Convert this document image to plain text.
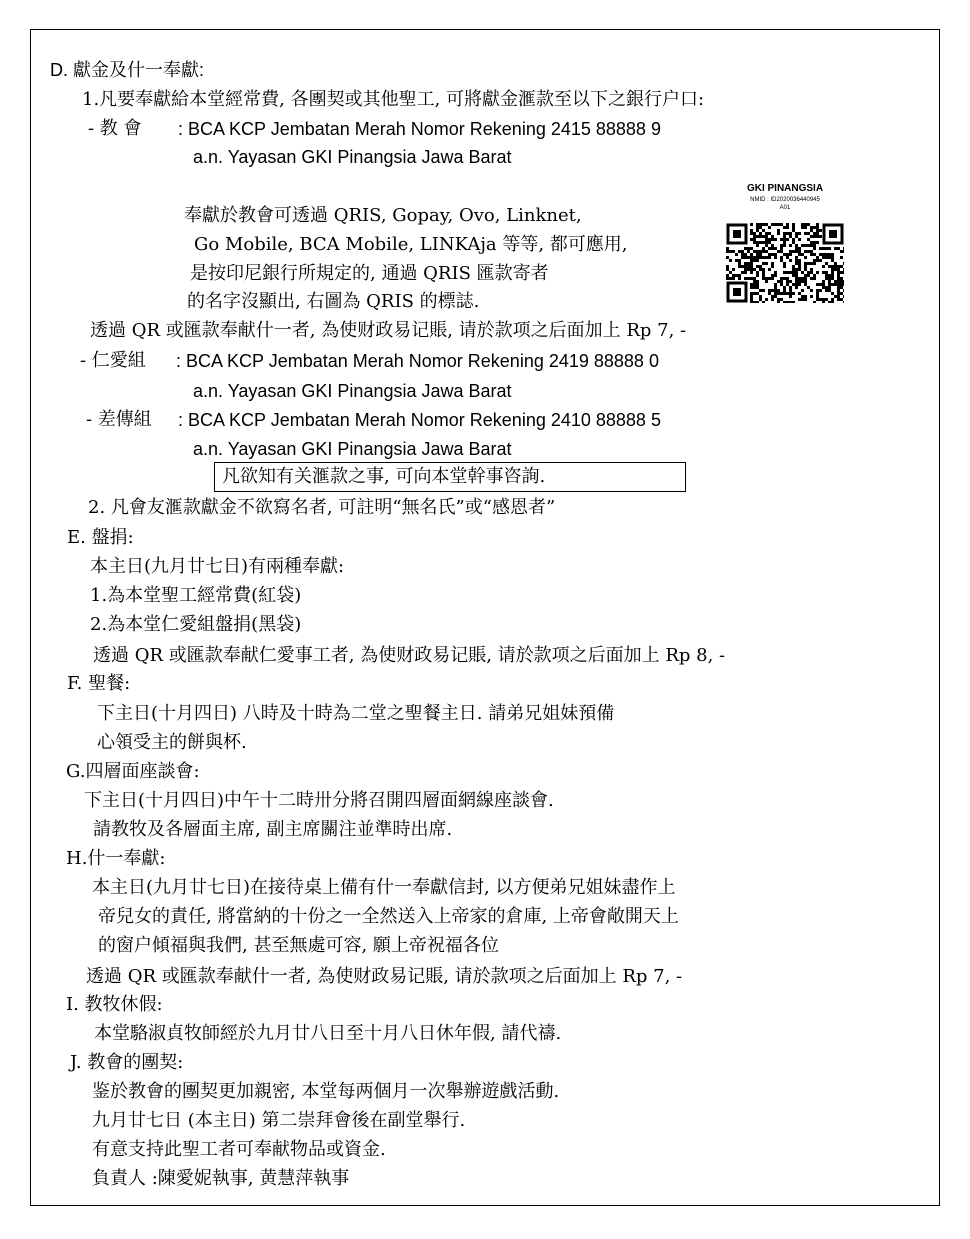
D. 獻金及什一奉獻:
1.凡要奉獻給本堂經常費, 各團契或其他聖工, 可將獻金滙款至以下之銀行户口:
- 教 會 : BCA KCP Jembatan Merah Nomor Rekening 2415 88888 9
a.n. Yayasan GKI Pinangsia Jawa Barat
奉獻於教會可透過 QRIS, Gopay, Ovo, Linknet,
Go Mobile, BCA Mobile, LINKAja 等等, 都可應用,
是按印尼銀行所規定的, 通過 QRIS 匯款寄者
的名字沒顯出, 右圖為 QRIS 的標誌.
GKI PINANGSIA
NMID : ID2020036440945
A01
透過 QR 或匯款奉献什一者, 為使财政易记賬, 请於款项之后面加上 Rp 7, -
- 仁愛組 : BCA KCP Jembatan Merah Nomor Rekening 2419 88888 0
a.n. Yayasan GKI Pinangsia Jawa Barat
- 差傳組 : BCA KCP Jembatan Merah Nomor Rekening 2410 88888 5
a.n. Yayasan GKI Pinangsia Jawa Barat
凡欲知有关滙款之事, 可向本堂幹事咨詢.
2. 凡會友滙款獻金不欲寫名者, 可註明“無名氏”或“感恩者”
E. 盤捐:
本主日(九月廿七日)有兩種奉獻:
1.為本堂聖工經常費(紅袋)
2.為本堂仁愛組盤捐(黑袋)
透過 QR 或匯款奉献仁愛事工者, 為使财政易记賬, 请於款项之后面加上 Rp 8, -
F. 聖餐:
下主日(十月四日) 八時及十時為二堂之聖餐主日. 請弟兄姐妹預備
心領受主的餅與杯.
G.四層面座談會:
下主日(十月四日)中午十二時卅分將召開四層面網線座談會.
請教牧及各層面主席, 副主席關注並準時出席.
H.什一奉獻:
本主日(九月廿七日)在接待桌上備有什一奉獻信封, 以方便弟兄姐妹盡作上
帝兒女的責任, 將當納的十份之一全然送入上帝家的倉庫, 上帝會敞開天上
的窗户傾福與我們, 甚至無處可容, 願上帝祝福各位
透過 QR 或匯款奉献什一者, 為使财政易记賬, 请於款项之后面加上 Rp 7, -
I. 教牧休假:
本堂駱淑貞牧師經於九月廿八日至十月八日休年假, 請代禱.
J. 教會的團契:
鉴於教會的團契更加親密, 本堂每两個月一次舉辦遊戲活動.
九月廿七日 (本主日) 第二崇拜會後在副堂舉行.
有意支持此聖工者可奉献物品或資金.
負責人 :陳愛妮執事, 黄慧萍執事
